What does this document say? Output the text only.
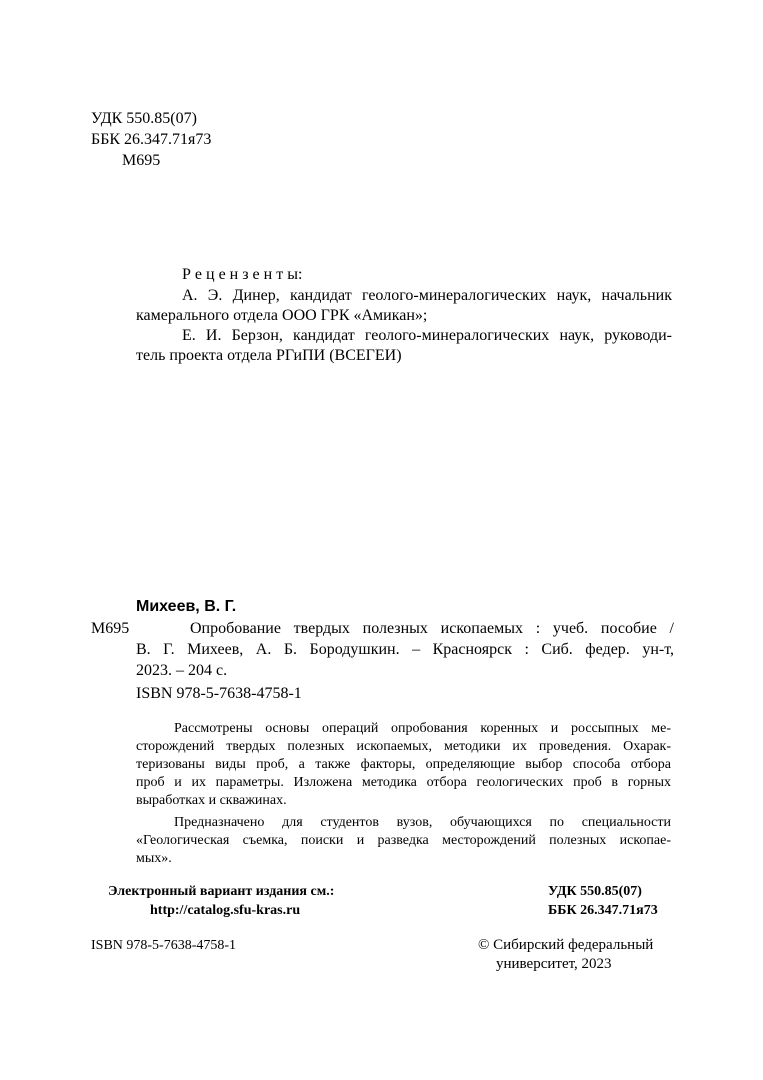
УДК 550.85(07)
ББК 26.347.71я73
М695
Р е ц е н з е н т ы:
А. Э. Динер, кандидат геолого-минералогических наук, начальник
камерального отдела ООО ГРК «Амикан»;
Е. И. Берзон, кандидат геолого-минералогических наук, руководи-
тель проекта отдела РГиПИ (ВСЕГЕИ)
Михеев, В. Г.
М695	Опробование твердых полезных ископаемых : учеб. пособие /
В. Г. Михеев, А. Б. Бородушкин. – Красноярск : Сиб. федер. ун-т,
2023. – 204 с.
ISBN 978-5-7638-4758-1
Рассмотрены основы операций опробования коренных и россыпных ме-
сторождений твердых полезных ископаемых, методики их проведения. Охарак-
теризованы виды проб, а также факторы, определяющие выбор способа отбора
проб и их параметры. Изложена методика отбора геологических проб в горных
выработках и скважинах.
Предназначено для студентов вузов, обучающихся по специальности
«Геологическая съемка, поиски и разведка месторождений полезных ископае-
мых».
Электронный вариант издания см.:
http://catalog.sfu-kras.ru
УДК 550.85(07)
ББК 26.347.71я73
ISBN 978-5-7638-4758-1	© Сибирский федеральный
университет, 2023
